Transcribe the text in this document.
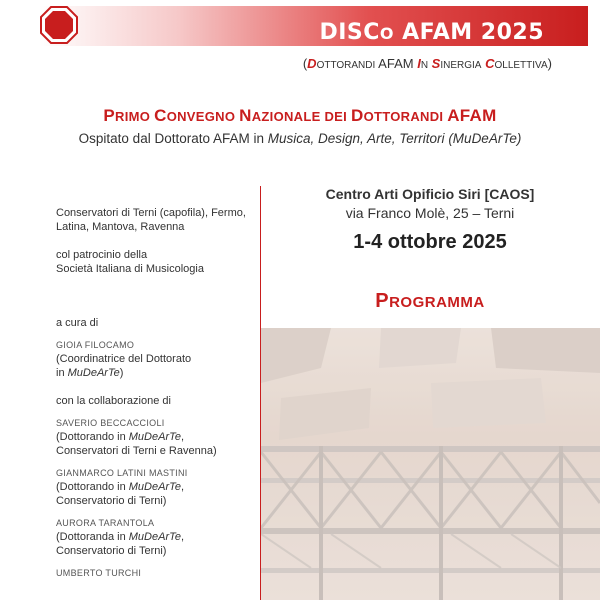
DISCO AFAM 2025
(DOTTORANDI AFAM IN SINERGIA COLLETTIVA)
PRIMO CONVEGNO NAZIONALE DEI DOTTORANDI AFAM
Ospitato dal Dottorato AFAM in Musica, Design, Arte, Territori (MuDeArTe)
Conservatori di Terni (capofila), Fermo, Latina, Mantova, Ravenna
col patrocinio della
Società Italiana di Musicologia
a cura di
GIOIA FILOCAMO
(Coordinatrice del Dottorato
in MuDeArTe)
con la collaborazione di
SAVERIO BECCACCIOLI
(Dottorando in MuDeArTe,
Conservatori di Terni e Ravenna)
GIANMARCO LATINI MASTINI
(Dottorando in MuDeArTe,
Conservatorio di Terni)
AURORA TARANTOLA
(Dottoranda in MuDeArTe,
Conservatorio di Terni)
UMBERTO TURCHI
Centro Arti Opificio Siri [CAOS]
via Franco Molè, 25 – Terni
1-4 ottobre 2025
PROGRAMMA
